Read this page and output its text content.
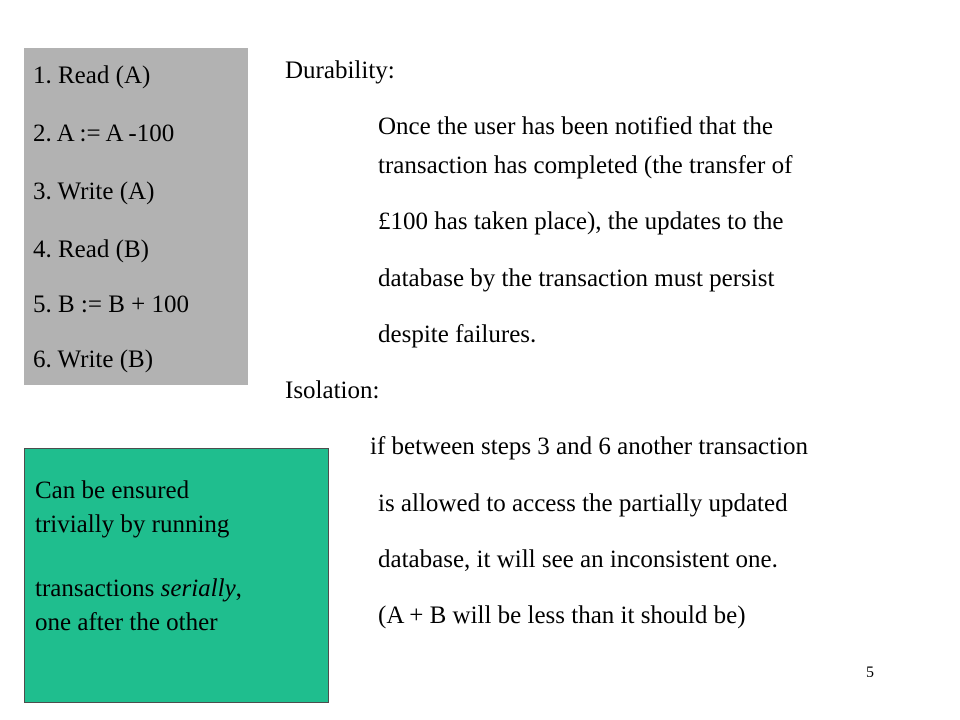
1. Read (A)
2. A := A -100
3. Write (A)
4. Read (B)
5. B := B + 100
6. Write (B)
Durability:
Once the user has been notified that the
transaction has completed (the transfer of
£100 has taken place), the updates to the
database by the transaction must persist
despite failures.
Isolation:
if between steps 3 and 6 another transaction
is allowed to access the partially updated
database, it will see an inconsistent one.
(A + B will be less than it should be)
Can be ensured
trivially by running
transactions serially,
one after the other
5
